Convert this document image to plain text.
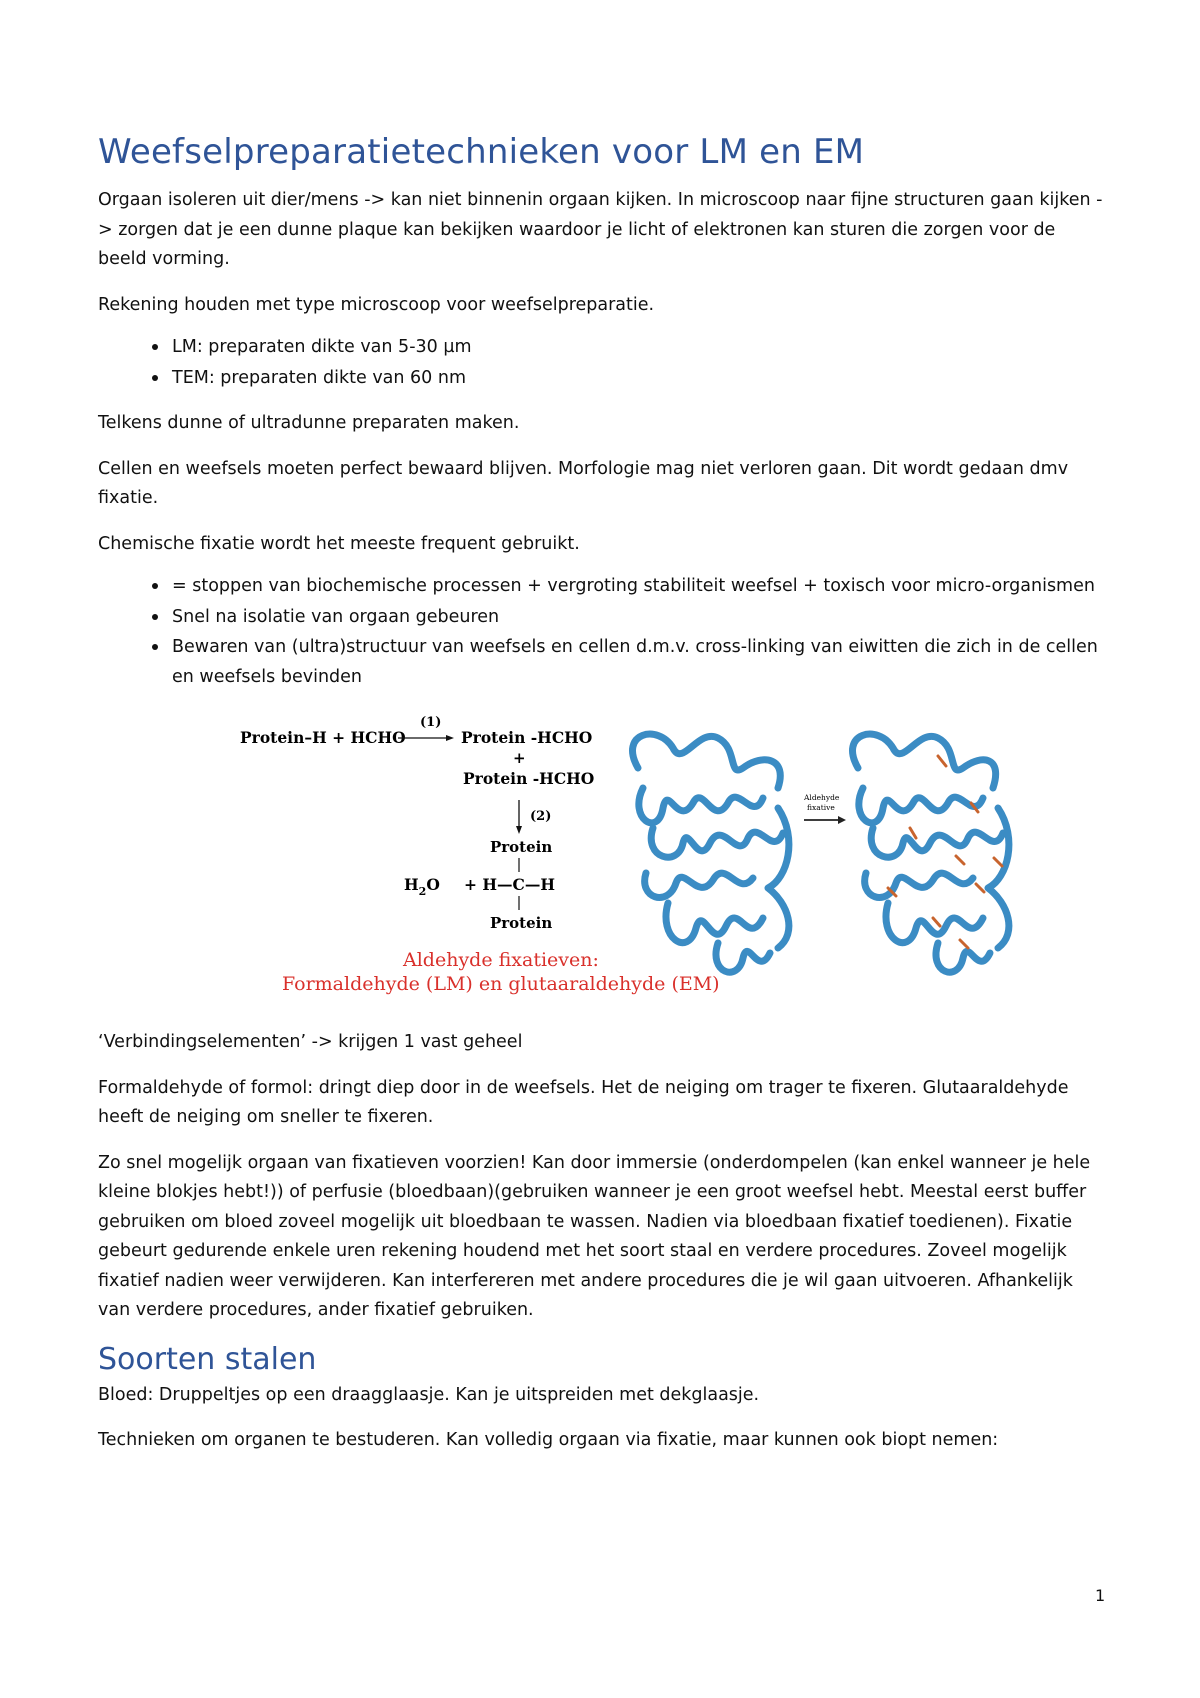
Weefselpreparatietechnieken voor LM en EM

Orgaan isoleren uit dier/mens -> kan niet binnenin orgaan kijken. In microscoop naar fijne structuren gaan kijken -> zorgen dat je een dunne plaque kan bekijken waardoor je licht of elektronen kan sturen die zorgen voor de beeld vorming.

Rekening houden met type microscoop voor weefselpreparatie.

• LM: preparaten dikte van 5-30 µm
• TEM: preparaten dikte van 60 nm

Telkens dunne of ultradunne preparaten maken.

Cellen en weefsels moeten perfect bewaard blijven. Morfologie mag niet verloren gaan. Dit wordt gedaan dmv fixatie.

Chemische fixatie wordt het meeste frequent gebruikt.

• = stoppen van biochemische processen + vergroting stabiliteit weefsel + toxisch voor micro-organismen
• Snel na isolatie van orgaan gebeuren
• Bewaren van (ultra)structuur van weefsels en cellen d.m.v. cross-linking van eiwitten die zich in de cellen en weefsels bevinden
Protein–H + HCHO
(1)
Protein -HCHO
+
Protein -HCHO
(2)
Protein
$H_2O$ + H—C—H
Protein
Aldehyde
fixative
Aldehyde fixatieven:
Formaldehyde (LM) en glutaaraldehyde (EM)

‘Verbindingselementen’ -> krijgen 1 vast geheel

Formaldehyde of formol: dringt diep door in de weefsels. Het de neiging om trager te fixeren. Glutaaraldehyde heeft de neiging om sneller te fixeren.

Zo snel mogelijk orgaan van fixatieven voorzien! Kan door immersie (onderdompelen (kan enkel wanneer je hele kleine blokjes hebt!)) of perfusie (bloedbaan)(gebruiken wanneer je een groot weefsel hebt. Meestal eerst buffer gebruiken om bloed zoveel mogelijk uit bloedbaan te wassen. Nadien via bloedbaan fixatief toedienen). Fixatie gebeurt gedurende enkele uren rekening houdend met het soort staal en verdere procedures. Zoveel mogelijk fixatief nadien weer verwijderen. Kan interfereren met andere procedures die je wil gaan uitvoeren. Afhankelijk van verdere procedures, ander fixatief gebruiken.

Soorten stalen

Bloed: Druppeltjes op een draagglaasje. Kan je uitspreiden met dekglaasje.

Technieken om organen te bestuderen. Kan volledig orgaan via fixatie, maar kunnen ook biopt nemen:

1
